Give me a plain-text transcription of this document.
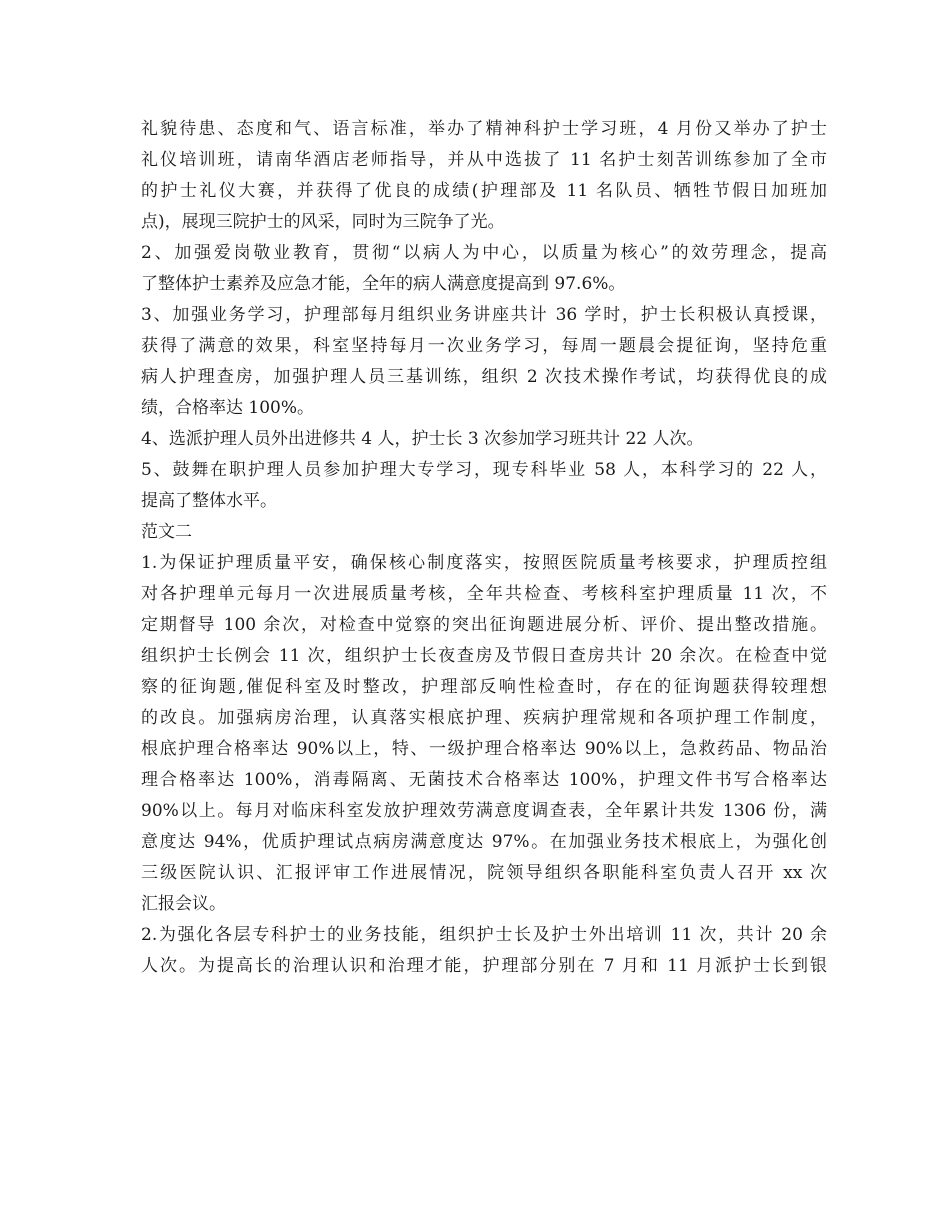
礼貌待患、态度和气、语言标准，举办了精神科护士学习班，4 月份又举办了护士
礼仪培训班，请南华酒店老师指导，并从中选拔了 11 名护士刻苦训练参加了全市
的护士礼仪大赛，并获得了优良的成绩(护理部及 11 名队员、牺牲节假日加班加
点)，展现三院护士的风采，同时为三院争了光。
2、加强爱岗敬业教育，贯彻“以病人为中心，以质量为核心”的效劳理念，提高
了整体护士素养及应急才能，全年的病人满意度提高到 97.6%。
3、加强业务学习，护理部每月组织业务讲座共计 36 学时，护士长积极认真授课，
获得了满意的效果，科室坚持每月一次业务学习，每周一题晨会提征询，坚持危重
病人护理查房，加强护理人员三基训练，组织 2 次技术操作考试，均获得优良的成
绩，合格率达 100%。
4、选派护理人员外出进修共 4 人，护士长 3 次参加学习班共计 22 人次。
5、鼓舞在职护理人员参加护理大专学习，现专科毕业 58 人，本科学习的 22 人，
提高了整体水平。
范文二
1.为保证护理质量平安，确保核心制度落实，按照医院质量考核要求，护理质控组
对各护理单元每月一次进展质量考核，全年共检查、考核科室护理质量 11 次，不
定期督导 100 余次，对检查中觉察的突出征询题进展分析、评价、提出整改措施。
组织护士长例会 11 次，组织护士长夜查房及节假日查房共计 20 余次。在检查中觉
察的征询题,催促科室及时整改，护理部反响性检查时，存在的征询题获得较理想
的改良。加强病房治理，认真落实根底护理、疾病护理常规和各项护理工作制度，
根底护理合格率达 90%以上，特、一级护理合格率达 90%以上，急救药品、物品治
理合格率达 100%，消毒隔离、无菌技术合格率达 100%，护理文件书写合格率达
90%以上。每月对临床科室发放护理效劳满意度调查表，全年累计共发 1306 份，满
意度达 94%，优质护理试点病房满意度达 97%。在加强业务技术根底上，为强化创
三级医院认识、汇报评审工作进展情况，院领导组织各职能科室负责人召开 xx 次
汇报会议。
2.为强化各层专科护士的业务技能，组织护士长及护士外出培训 11 次，共计 20 余
人次。为提高长的治理认识和治理才能，护理部分别在 7 月和 11 月派护士长到银
